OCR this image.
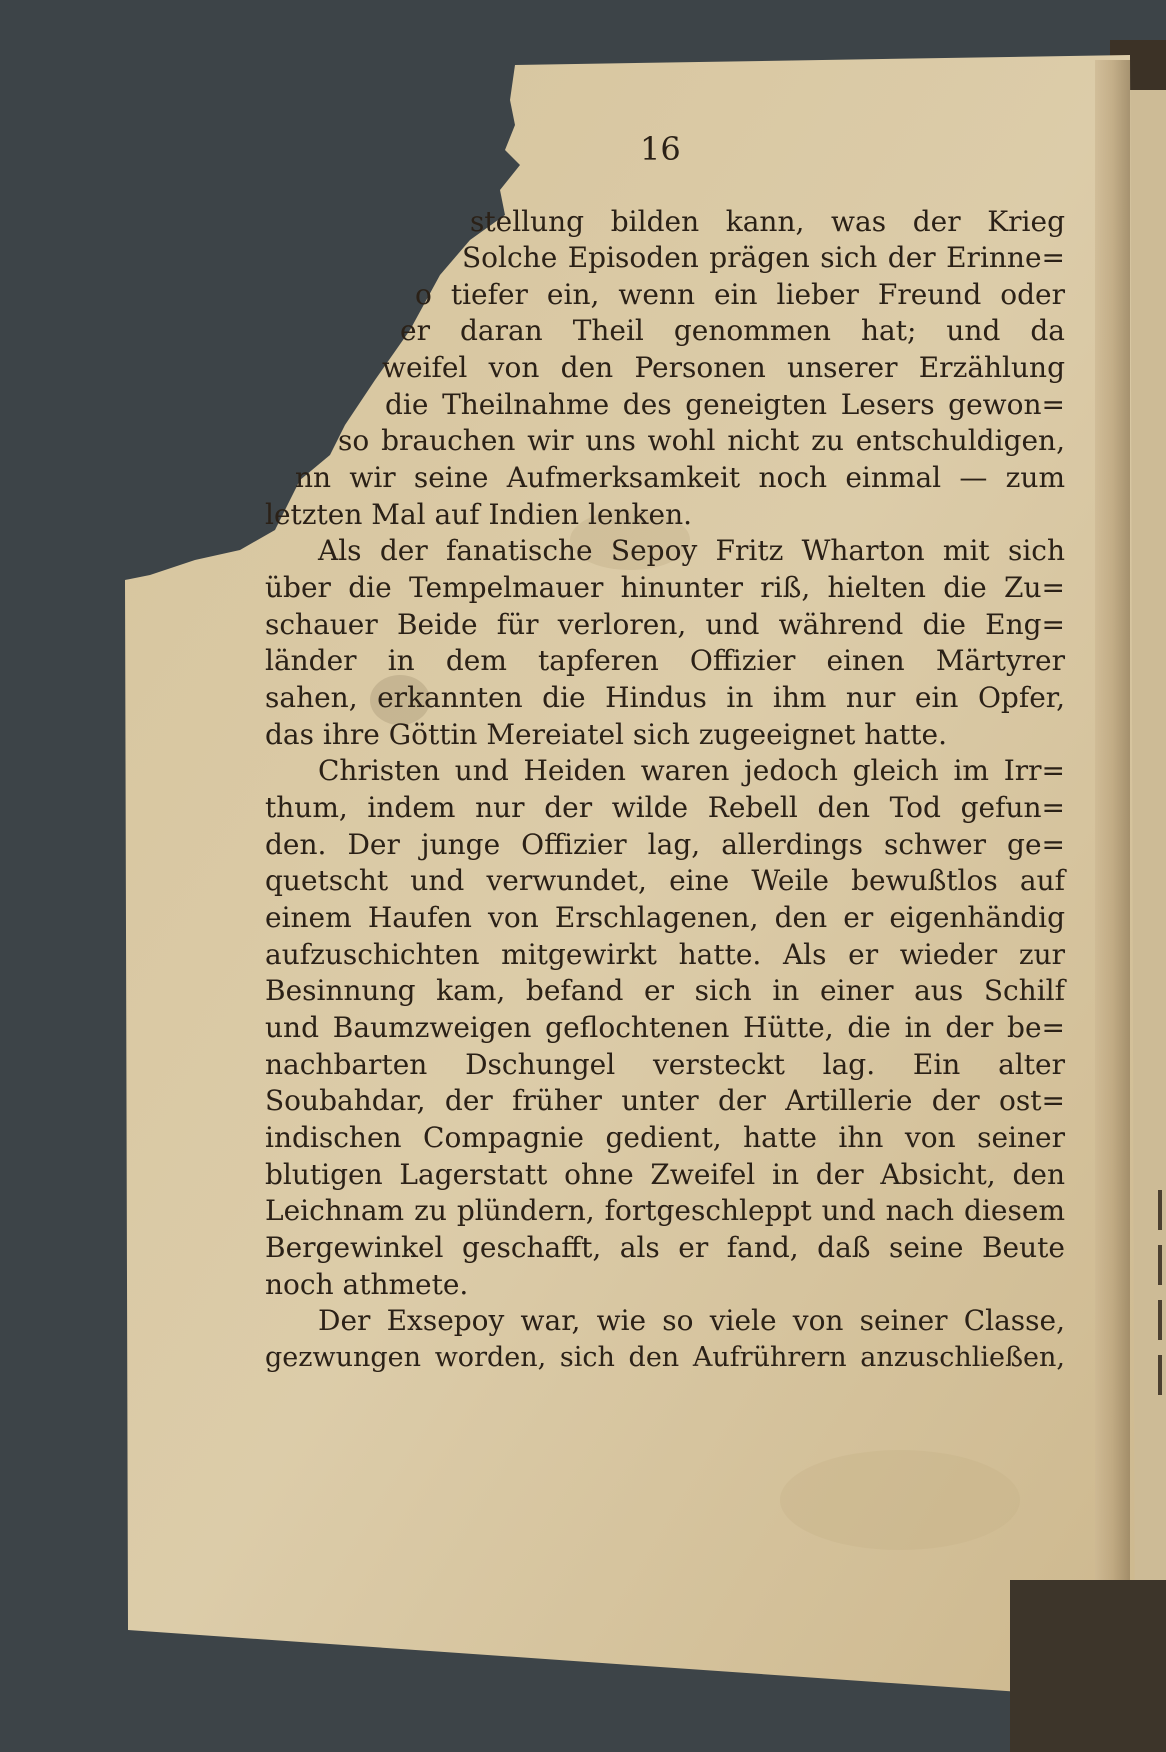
16
stellung bilden kann, was der Krieg
Solche Episoden prägen sich der Erinne=
o tiefer ein, wenn ein lieber Freund oder
er daran Theil genommen hat; und da
weifel von den Personen unserer Erzählung
die Theilnahme des geneigten Lesers gewon=
so brauchen wir uns wohl nicht zu entschuldigen,
nn wir seine Aufmerksamkeit noch einmal — zum
letzten Mal auf Indien lenken.
Als der fanatische Sepoy Fritz Wharton mit sich
über die Tempelmauer hinunter riß, hielten die Zu=
schauer Beide für verloren, und während die Eng=
länder in dem tapferen Offizier einen Märtyrer
sahen, erkannten die Hindus in ihm nur ein Opfer,
das ihre Göttin Mereiatel sich zugeeignet hatte.
Christen und Heiden waren jedoch gleich im Irr=
thum, indem nur der wilde Rebell den Tod gefun=
den. Der junge Offizier lag, allerdings schwer ge=
quetscht und verwundet, eine Weile bewußtlos auf
einem Haufen von Erschlagenen, den er eigenhändig
aufzuschichten mitgewirkt hatte. Als er wieder zur
Besinnung kam, befand er sich in einer aus Schilf
und Baumzweigen geflochtenen Hütte, die in der be=
nachbarten Dschungel versteckt lag. Ein alter
Soubahdar, der früher unter der Artillerie der ost=
indischen Compagnie gedient, hatte ihn von seiner
blutigen Lagerstatt ohne Zweifel in der Absicht, den
Leichnam zu plündern, fortgeschleppt und nach diesem
Bergewinkel geschafft, als er fand, daß seine Beute
noch athmete.
Der Exsepoy war, wie so viele von seiner Classe,
gezwungen worden, sich den Aufrührern anzuschließen,
